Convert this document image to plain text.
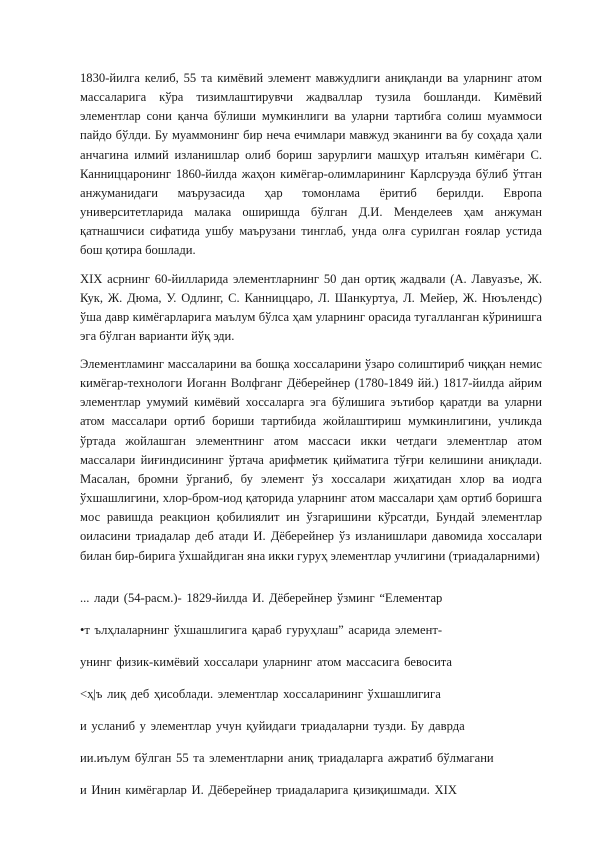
1830-йилга келиб, 55 та кимёвий элемент мавжудлиги аниқланди ва уларнинг атом массаларига кўра тизимлаштирувчи жадваллар тузила бошланди. Кимёвий элементлар сони қанча бўлиши мумкинлиги ва уларни тартибга солиш муаммоси пайдо бўлди. Бу муаммонинг бир неча ечимлари мавжуд эканинги ва бу соҳада ҳали анчагина илмий изланишлар олиб бориш зарурлиги машҳур италъян кимёгари С. Канниццаронинг 1860-йилда жаҳон кимёгар-олимларининг Карлсруэда бўлиб ўтган анжуманидаги маърузасида ҳар томонлама ёритиб берилди. Европа университетларида малака оширишда бўлган Д.И. Менделеев ҳам анжуман қатнашчиси сифатида ушбу маърузани тинглаб, унда олға сурилган ғоялар устида бош қотира бошлади.

XIX асрнинг 60-йилларида элементларнинг 50 дан ортиқ жадвали (А. Лавуазъе, Ж. Кук, Ж. Дюма, У. Одлинг, С. Канниццаро, Л. Шанкуртуа, Л. Мейер, Ж. Нюълендс) ўша давр кимёгарларига маълум бўлса ҳам уларнинг орасида тугалланган кўринишга эга бўлган варианти йўқ эди.

Элементламинг массаларини ва бошқа хоссаларини ўзаро солиштириб чиққан немис кимёгар-технологи Иоганн Волфганг Дёберейнер (1780-1849 йй.) 1817-йилда айрим элементлар умумий кимёвий хоссаларга эга бўлишига эътибор қаратди ва уларни атом массалари ортиб бориши тартибида жойлаштириш мумкинлигини, учликда ўртада жойлашган элементнинг атом массаси икки четдаги элементлар атом массалари йиғиндисининг ўртача арифметик қийматига тўғри келишини аниқлади. Масалан, бромни ўрганиб, бу элемент ўз хоссалари жиҳатидан хлор ва иодга ўхшашлигини, хлор-бром-иод қаторида уларнинг атом массалари ҳам ортиб боришга мос равишда реакцион қобилиялит ин ўзгаришини кўрсатди, Бундай элементлар оиласини триадалар деб атади И. Дёберейнер ўз изланишлари давомида хоссалари билан бир-бирига ўхшайдиган яна икки гуруҳ элементлар учлигини (триадаларними)

... лади (54-расм.)- 1829-йилда И. Дёберейнер ўзминг “Елементар
•т ълҳлаларнинг ўхшашлигига қараб гуруҳлаш” асарида элемент-
унинг физик-кимёвий хоссалари уларнинг атом массасига бевосита
<ҳ|ъ лиқ деб ҳисоблади. элементлар хоссаларининг ўхшашлигига
и усланиб у элементлар учун қуйидаги триадаларни тузди. Бу даврда
ии.иълум бўлган 55 та элементларни аниқ триадаларга ажратиб бўлмагани
и Инин кимёгарлар И. Дёберейнер триадаларига қизиқишмади. XIX
